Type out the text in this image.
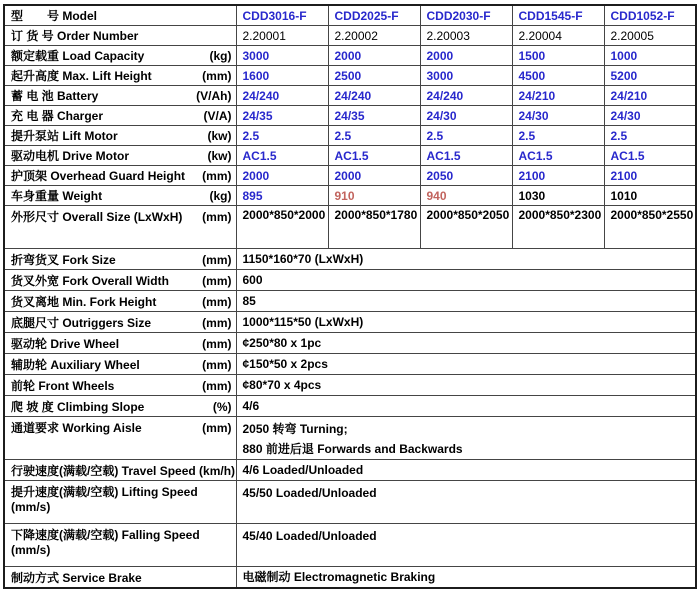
型　　号 Model	CDD3016-F	CDD2025-F	CDD2030-F	CDD1545-F	CDD1052-F

订 货 号 Order Number	2.20001	2.20002	2.20003	2.20004	2.20005

额定载重 Load Capacity (kg)	3000	2000	2000	1500	1000

起升高度 Max. Lift Height (mm)	1600	2500	3000	4500	5200

蓄 电 池 Battery (V/Ah)	24/240	24/240	24/240	24/210	24/210

充 电 器 Charger (V/A)	24/35	24/35	24/30	24/30	24/30

提升泵站 Lift Motor (kw)	2.5	2.5	2.5	2.5	2.5

驱动电机 Drive Motor (kw)	AC1.5	AC1.5	AC1.5	AC1.5	AC1.5

护顶架 Overhead Guard Height (mm)	2000	2000	2050	2100	2100

车身重量 Weight (kg)	895	910	940	1030	1010

外形尺寸 Overall Size (LxWxH) (mm)	2000*850*2000	2000*850*1780	2000*850*2050	2000*850*2300	2000*850*2550

折弯货叉 Fork Size (mm)	1150*160*70 (LxWxH)				

货叉外宽 Fork Overall Width (mm)	600				

货叉离地 Min. Fork Height (mm)	85				

底腿尺寸 Outriggers Size (mm)	1000*115*50 (LxWxH)				

驱动轮 Drive Wheel (mm)	¢250*80 x 1pc				

辅助轮 Auxiliary Wheel (mm)	¢150*50 x 2pcs				

前轮 Front Wheels (mm)	¢80*70 x 4pcs				

爬 坡 度 Climbing Slope (%)	4/6				

通道要求 Working Aisle	(mm)	2050 转弯 Turning;
880 前进后退 Forwards and Backwards

行驶速度(满载/空载) Travel Speed (km/h)	4/6 Loaded/Unloaded				

提升速度(满载/空载) Lifting Speed
(mm/s)	45/50 Loaded/Unloaded				

下降速度(满载/空载) Falling Speed
(mm/s)	45/40 Loaded/Unloaded				

制动方式 Service Brake	电磁制动 Electromagnetic Braking				
